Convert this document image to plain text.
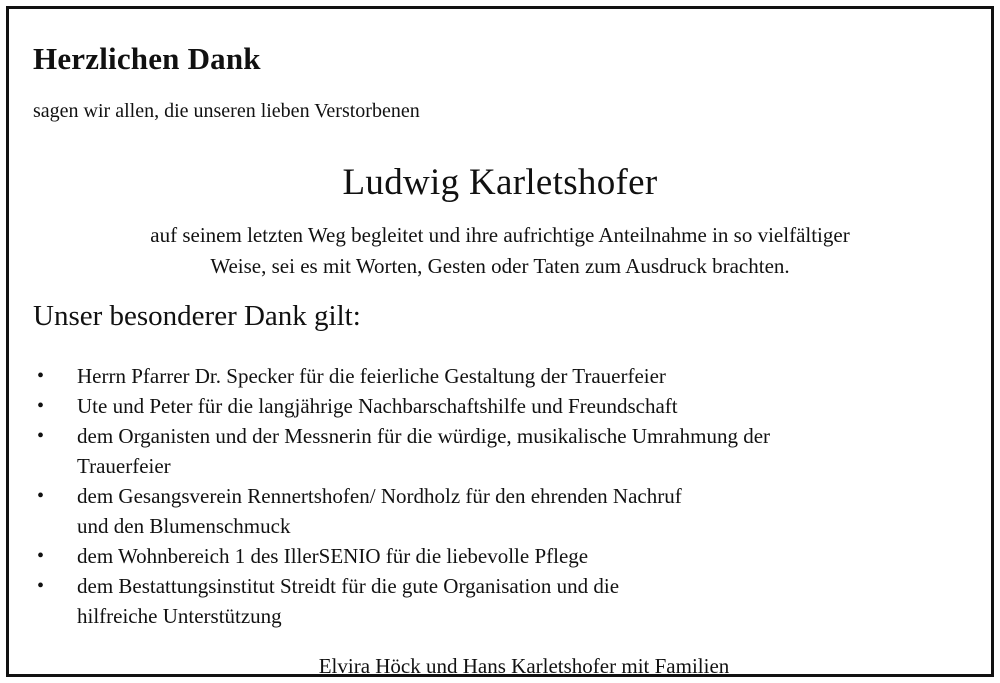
Herzlichen Dank

sagen wir allen, die unseren lieben Verstorbenen

Ludwig Karletshofer

auf seinem letzten Weg begleitet und ihre aufrichtige Anteilnahme in so vielfältiger
Weise, sei es mit Worten, Gesten oder Taten zum Ausdruck brachten.

Unser besonderer Dank gilt:
• Herrn Pfarrer Dr. Specker für die feierliche Gestaltung der Trauerfeier
• Ute und Peter für die langjährige Nachbarschaftshilfe und Freundschaft
• dem Organisten und der Messnerin für die würdige, musikalische Umrahmung der
Trauerfeier
• dem Gesangsverein Rennertshofen/ Nordholz für den ehrenden Nachruf
und den Blumenschmuck
• dem Wohnbereich 1 des IllerSENIO für die liebevolle Pflege
• dem Bestattungsinstitut Streidt für die gute Organisation und die
hilfreiche Unterstützung

Elvira Höck und Hans Karletshofer mit Familien
